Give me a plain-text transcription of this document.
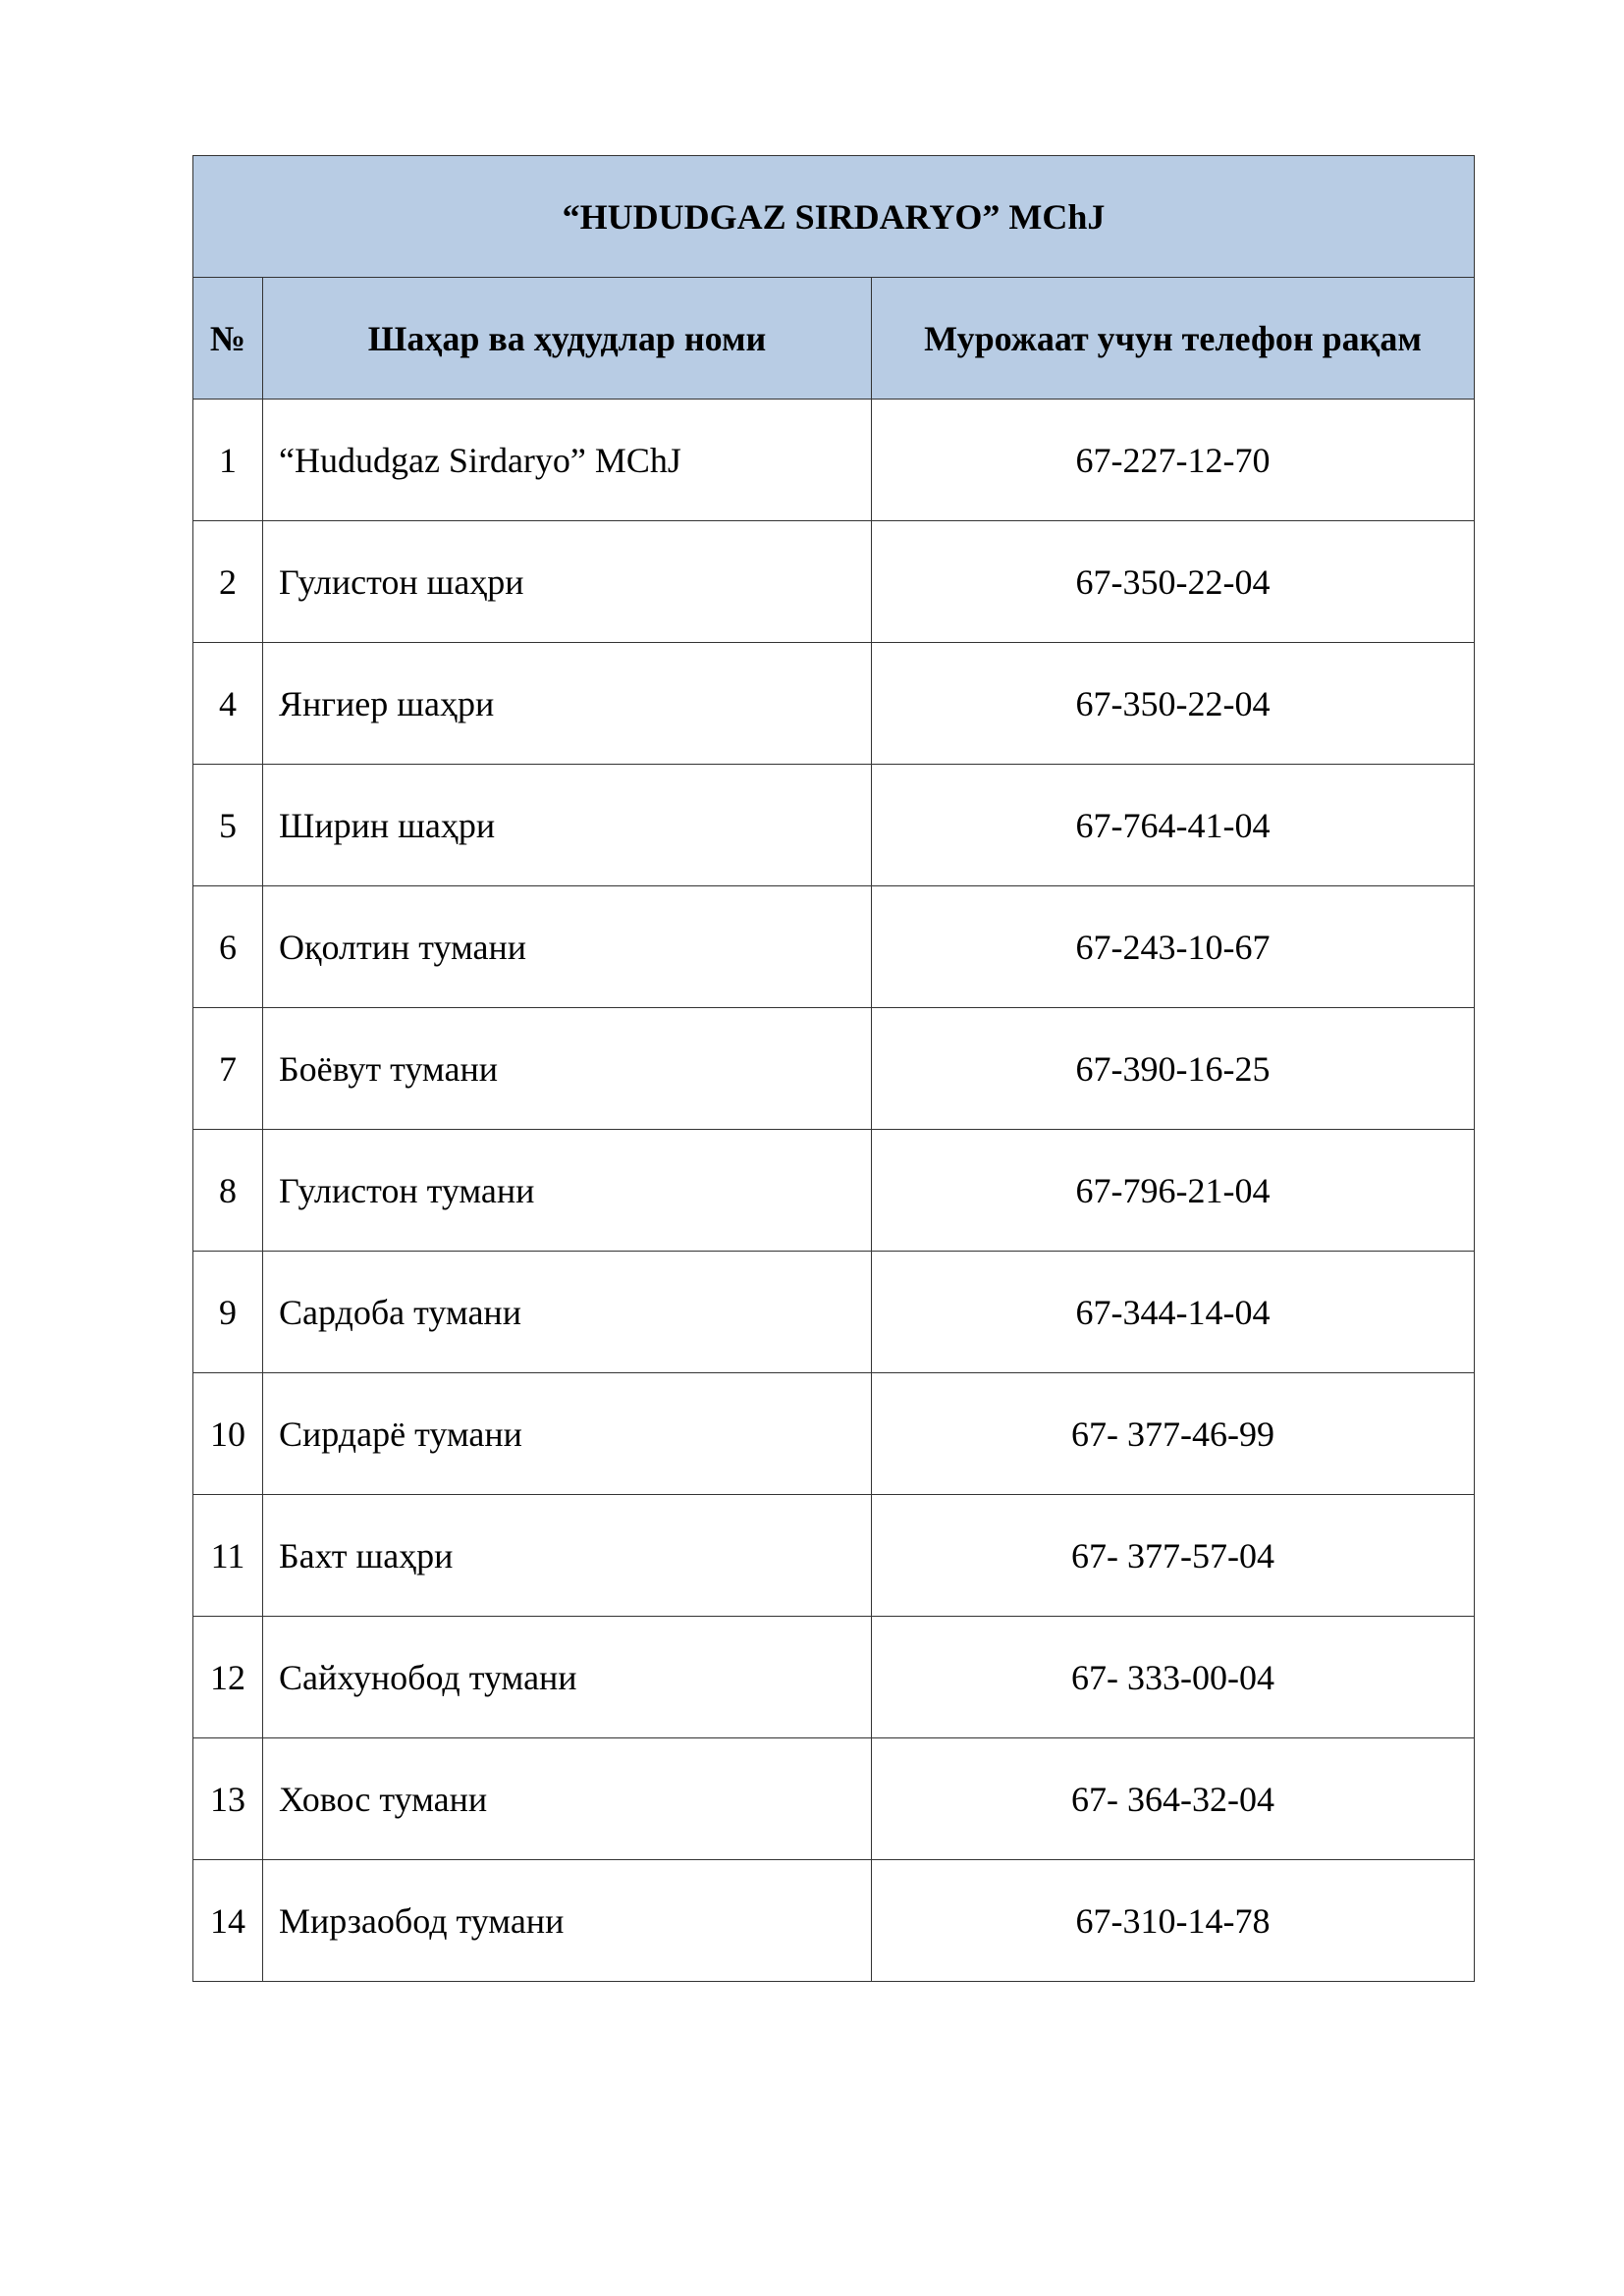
“HUDUDGAZ SIRDARYO” MChJ		
№	Шаҳар ва ҳудудлар номи	Мурожаат учун телефон рақам
1	“Hududgaz Sirdaryo” MChJ	67-227-12-70
2	Гулистон шаҳри	67-350-22-04
4	Янгиер шаҳри	67-350-22-04
5	Ширин шаҳри	67-764-41-04
6	Оқолтин тумани	67-243-10-67
7	Боёвут тумани	67-390-16-25
8	Гулистон тумани	67-796-21-04
9	Сардоба тумани	67-344-14-04
10	Сирдарё тумани	67- 377-46-99
11	Бахт шаҳри	67- 377-57-04
12	Сайхунобод тумани	67- 333-00-04
13	Ховос тумани	67- 364-32-04
14	Мирзаобод тумани	67-310-14-78
